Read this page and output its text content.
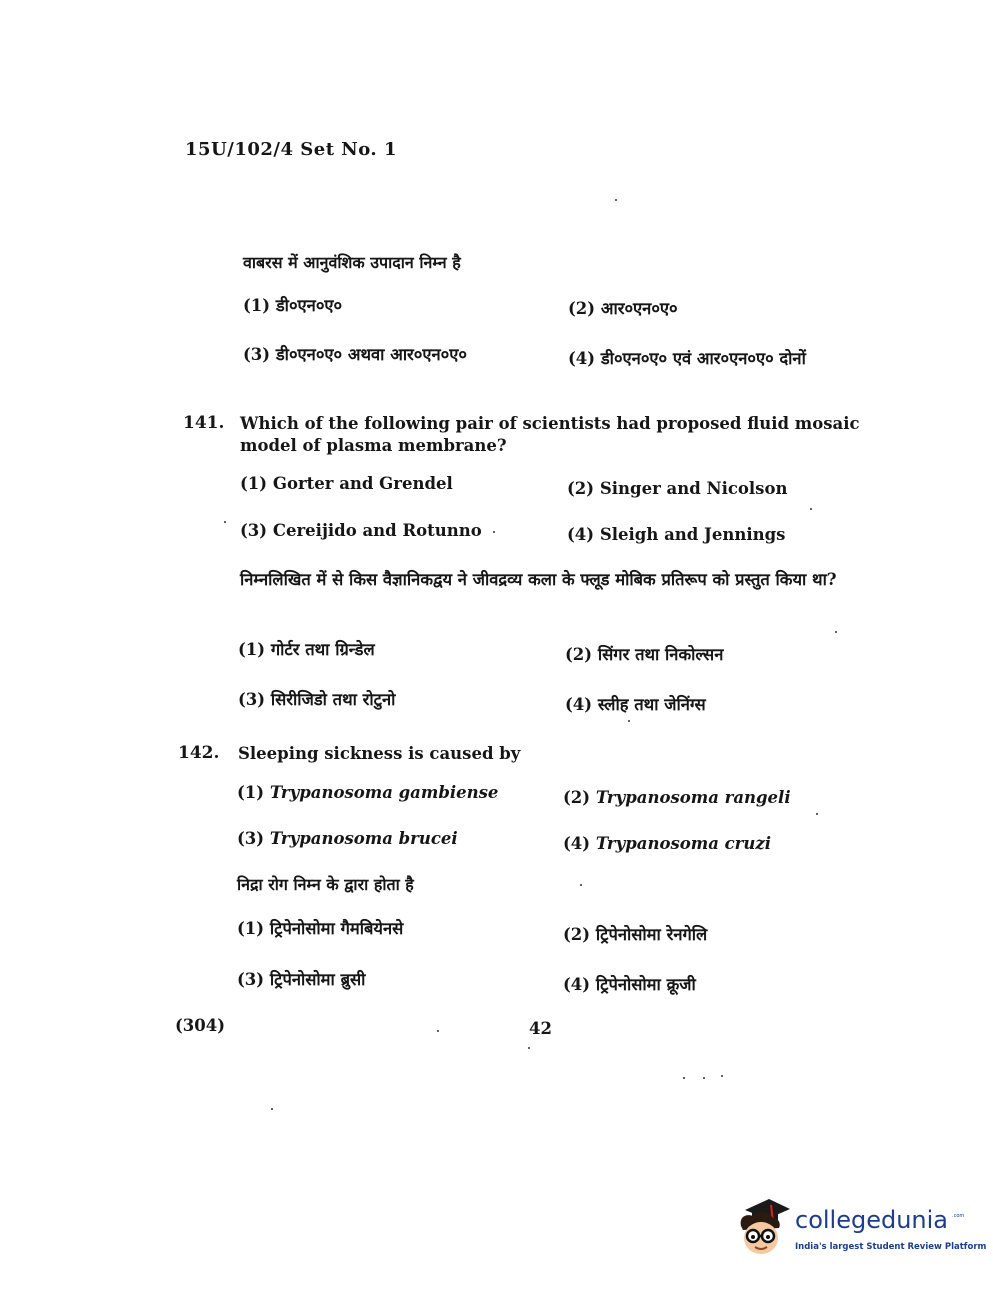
15U/102/4 Set No. 1
वाबरस में आनुवंशिक उपादान निम्न है
(1) डी०एन०ए०	(2) आर०एन०ए०
(3) डी०एन०ए० अथवा आर०एन०ए०	(4) डी०एन०ए० एवं आर०एन०ए० दोनों
141. Which of the following pair of scientists had proposed fluid mosaic model of plasma membrane?
(1) Gorter and Grendel	(2) Singer and Nicolson
(3) Cereijido and Rotunno	(4) Sleigh and Jennings
निम्नलिखित में से किस वैज्ञानिकद्वय ने जीवद्रव्य कला के फ्लूड मोबिक प्रतिरूप को प्रस्तुत किया था?
(1) गोर्टर तथा ग्रिन्डेल	(2) सिंगर तथा निकोल्सन
(3) सिरीजिडो तथा रोटुनो	(4) स्लीह तथा जेनिंग्स
142. Sleeping sickness is caused by
(1) Trypanosoma gambiense	(2) Trypanosoma rangeli
(3) Trypanosoma brucei	(4) Trypanosoma cruzi
निद्रा रोग निम्न के द्वारा होता है
(1) ट्रिपेनोसोमा गैमबियेनसे	(2) ट्रिपेनोसोमा रेनगेलि
(3) ट्रिपेनोसोमा ब्रुसी	(4) ट्रिपेनोसोमा क्रूजी
(304)	42
collegedunia .com
India's largest Student Review Platform
